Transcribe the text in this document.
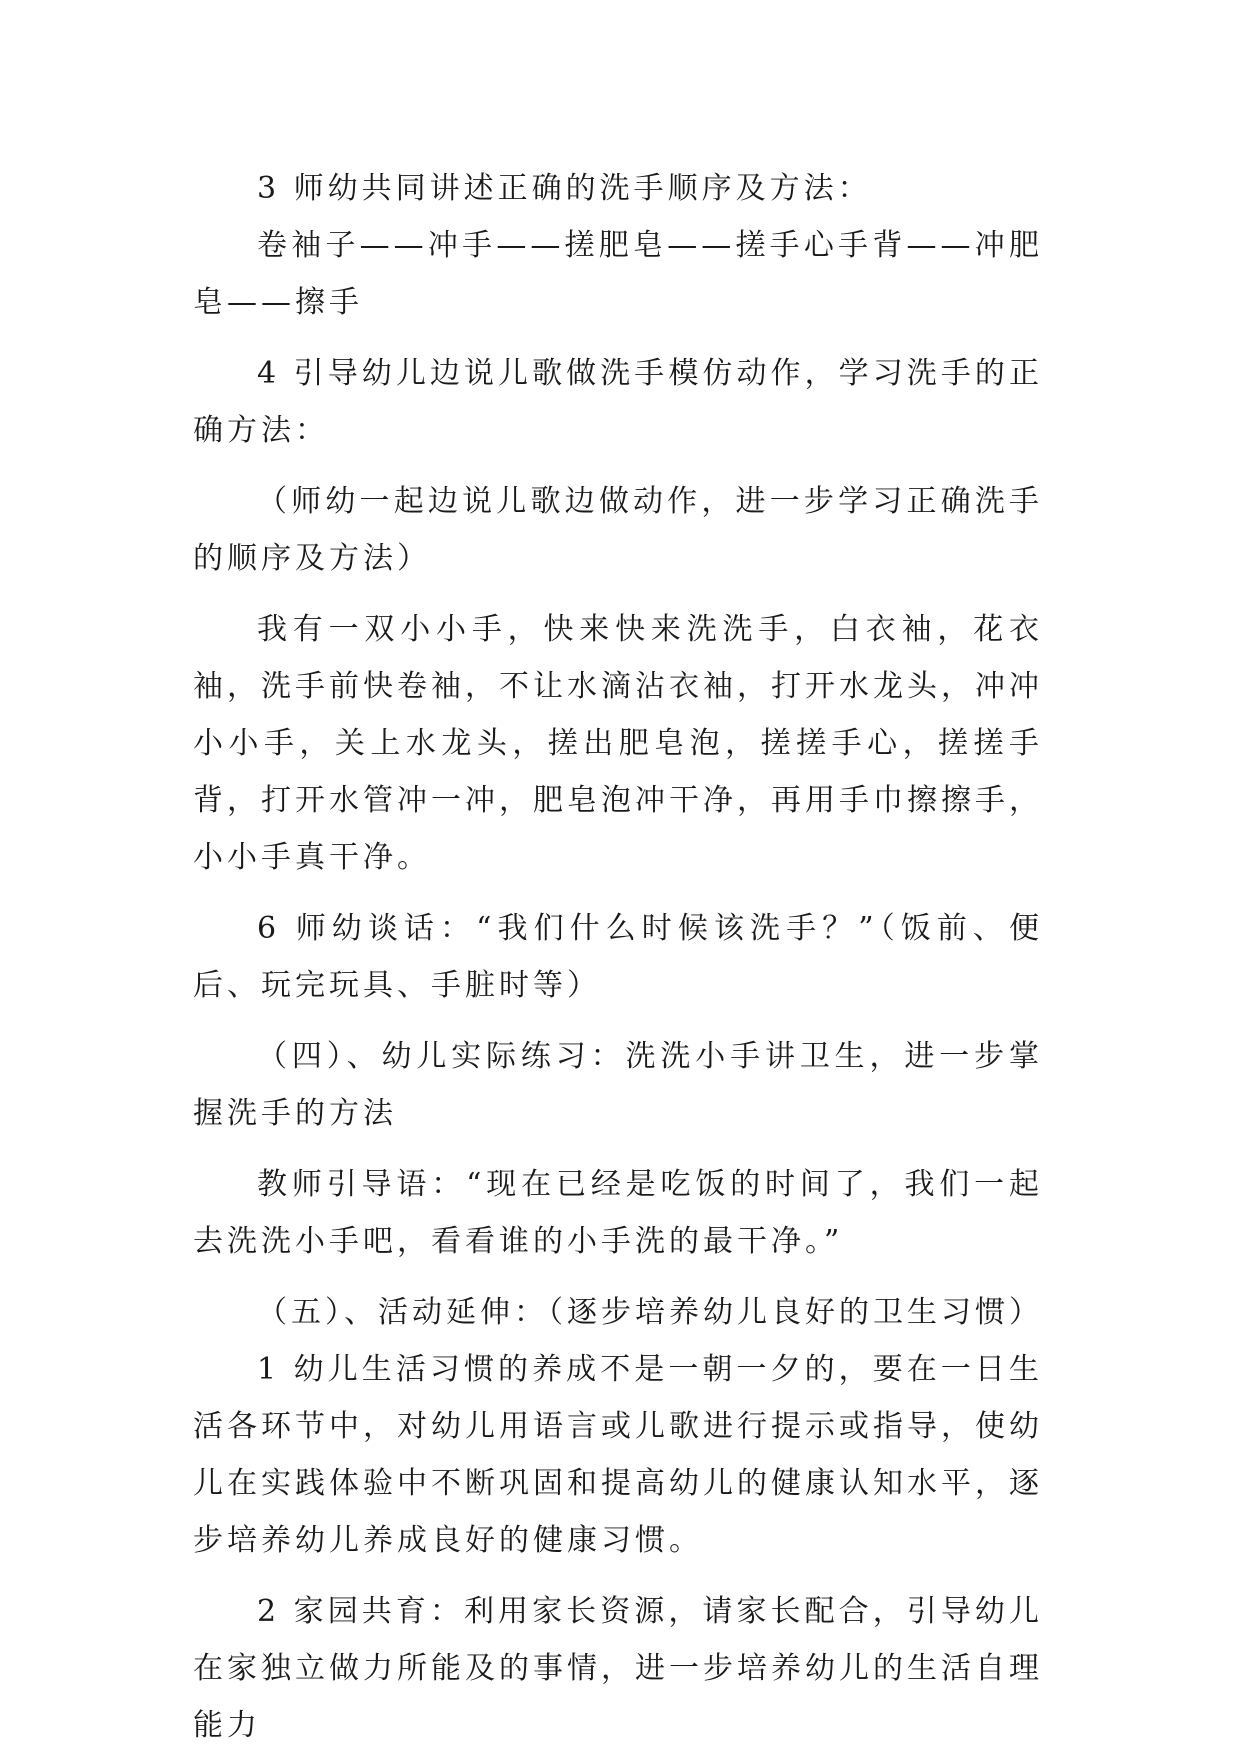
3 师幼共同讲述正确的洗手顺序及方法：

卷袖子——冲手——搓肥皂——搓手心手背——冲肥皂——擦手

4 引导幼儿边说儿歌做洗手模仿动作，学习洗手的正确方法：

（师幼一起边说儿歌边做动作，进一步学习正确洗手的顺序及方法）

我有一双小小手，快来快来洗洗手，白衣袖，花衣袖，洗手前快卷袖，不让水滴沾衣袖，打开水龙头，冲冲小小手，关上水龙头，搓出肥皂泡，搓搓手心，搓搓手背，打开水管冲一冲，肥皂泡冲干净，再用手巾擦擦手，小小手真干净。

6 师幼谈话：“我们什么时候该洗手？”（饭前、便后、玩完玩具、手脏时等）

（四）、幼儿实际练习：洗洗小手讲卫生，进一步掌握洗手的方法

教师引导语：“现在已经是吃饭的时间了，我们一起去洗洗小手吧，看看谁的小手洗的最干净。”

（五）、活动延伸：（逐步培养幼儿良好的卫生习惯）

1 幼儿生活习惯的养成不是一朝一夕的，要在一日生活各环节中，对幼儿用语言或儿歌进行提示或指导，使幼儿在实践体验中不断巩固和提高幼儿的健康认知水平，逐步培养幼儿养成良好的健康习惯。

2 家园共育：利用家长资源，请家长配合，引导幼儿在家独立做力所能及的事情，进一步培养幼儿的生活自理能力
